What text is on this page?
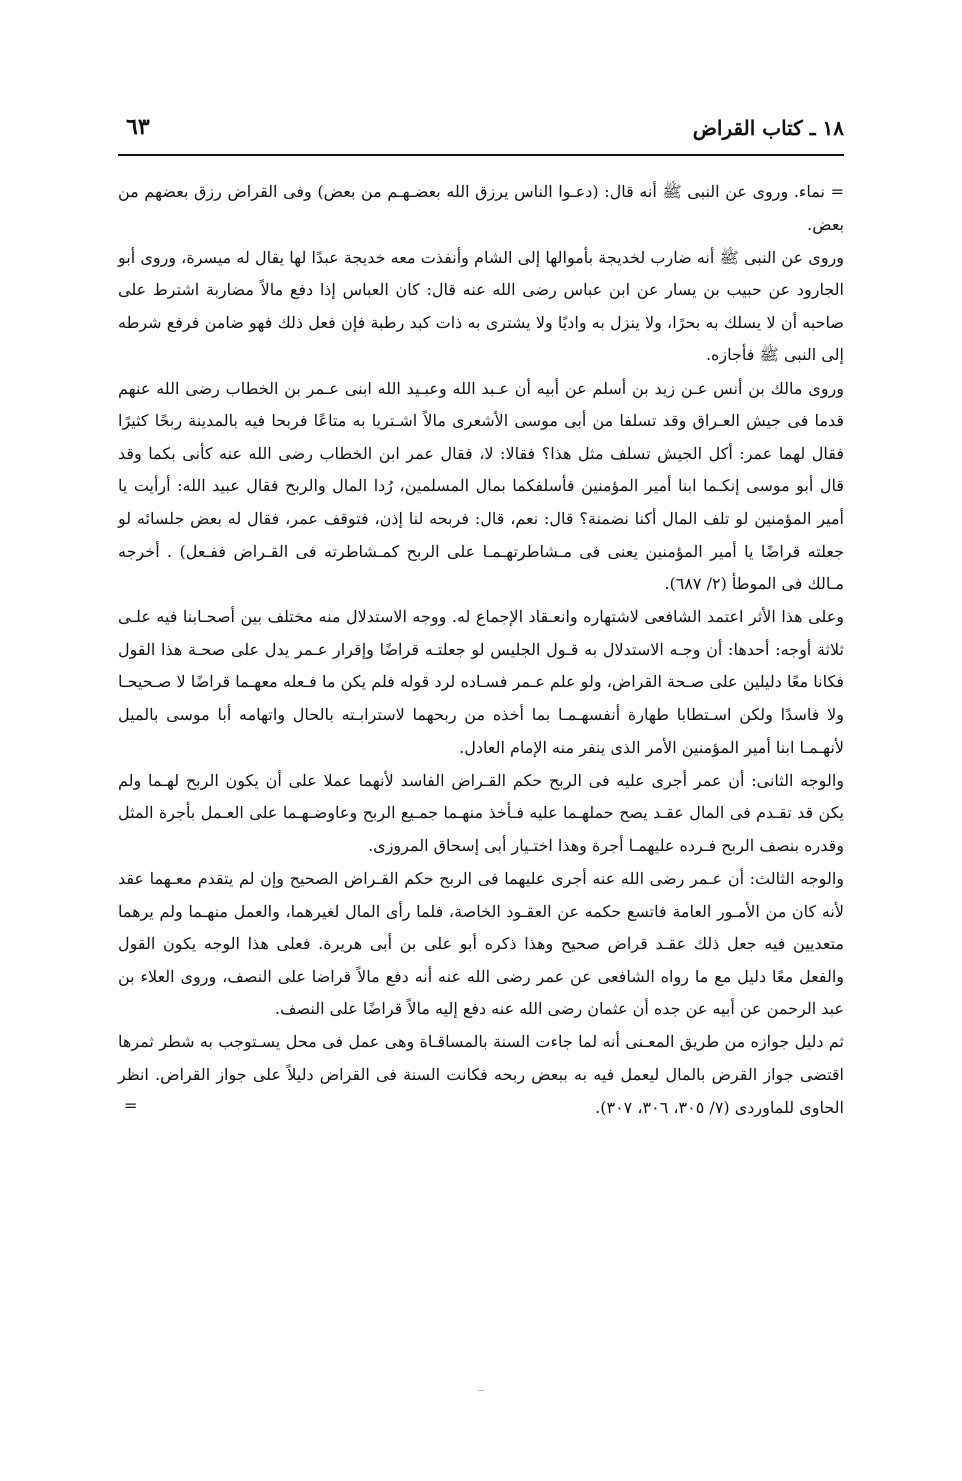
١٨ ـ كتاب القراض
٦٣

= نماء. وروى عن النبى ﷺ أنه قال: (دعـوا الناس يرزق الله بعضـهـم من بعض) وفى القراض رزق بعضهم من بعض.

وروى عن النبى ﷺ أنه ضارب لخديجة بأموالها إلى الشام وأنفذت معه خديجة عبدًا لها يقال له ميسرة، وروى أبو الجارود عن حبيب بن يسار عن ابن عباس رضى الله عنه قال: كان العباس إذا دفع مالاً مضاربة اشترط على صاحبه أن لا يسلك به بحرًا، ولا ينزل به واديًا ولا يشترى به ذات كبد رطبة فإن فعل ذلك فهو ضامن فرفع شرطه إلى النبى ﷺ فأجازه.

وروى مالك بن أنس عـن زيد بن أسلم عن أبيه أن عـبد الله وعبـيد الله ابنى عـمر بن الخطاب رضى الله عنهم قدما فى جيش العـراق وقد تسلفا من أبى موسى الأشعرى مالاً اشـتريا به متاعًا فربحا فيه بالمدينة ربحًا كثيرًا فقال لهما عمر: أكل الجيش تسلف مثل هذا؟ فقالا: لا، فقال عمر ابن الخطاب رضى الله عنه كأنى بكما وقد قال أبو موسى إنكـما ابنا أمير المؤمنين فأسلفكما بمال المسلمين، رُدا المال والربح فقال عبيد الله: أرأيت يا أمير المؤمنين لو تلف المال أكنا نضمنة؟ قال: نعم، قال: فربحه لنا إذن، فتوقف عمر، فقال له بعض جلسائه لو جعلته قراضًا يا أمير المؤمنين يعنى فى مـشاطرتهـمـا على الربح كمـشاطرته فى القـراض ففـعل) . أخرجه مـالك فى الموطأ (٢/ ٦٨٧).

وعلى هذا الأثر اعتمد الشافعى لاشتهاره وانعـقاد الإجماع له. ووجه الاستدلال منه مختلف بين أصحـابنا فيه علـى ثلاثة أوجه: أحدها: أن وجـه الاستدلال به قـول الجليس لو جعلتـه قراضًا وإقرار عـمر يدل على صحـة هذا القول فكانا معًا دليلين على صـحة القراض، ولو علم عـمر فسـاده لرد قوله فلم يكن ما فـعله معهـما قراضًا لا صـحيحـا ولا فاسدًا ولكن اسـتطابا طهارة أنفسهـمـا بما أخذه من ربحهما لاسترابـته بالحال واتهامه أبا موسى بالميل لأنهـمـا ابنا أمير المؤمنين الأمر الذى ينفر منه الإمام العادل.

والوجه الثانى: أن عمر أجرى عليه فى الربح حكم القـراض الفاسد لأنهما عملا على أن يكون الربح لهـما ولم يكن قد تقـدم فى المال عقـد يصح حملهـما عليه فـأخذ منهـما جمـيع الربح وعاوضـهـما على العـمل بأجرة المثل وقدره بنصف الربح فـرده عليهمـا أجرة وهذا اختـيار أبى إسحاق المروزى.

والوجه الثالث: أن عـمر رضى الله عنه أجرى عليهما فى الربح حكم القـراض الصحيح وإن لم يتقدم معـهما عقد لأنه كان من الأمـور العامة فاتسع حكمه عن العقـود الخاصة، فلما رأى المال لغيرهما، والعمل منهـما ولم يرهما متعديين فيه جعل ذلك عقـد قراض صحيح وهذا ذكره أبو على بن أبى هريرة. فعلى هذا الوجه يكون القول والفعل معًا دليل مع ما رواه الشافعى عن عمر رضى الله عنه أنه دفع مالاً قراضا على النصف، وروى العلاء بن عبد الرحمن عن أبيه عن جده أن عثمان رضى الله عنه دفع إليه مالاً قراضًا على النصف.

ثم دليل جوازه من طريق المعـنى أنه لما جاءت السنة بالمساقـاة وهى عمل فى محل يسـتوجب به شطر ثمرها اقتضى جواز القرض بالمال ليعمل فيه به ببعض ربحه فكانت السنة فى القراض دليلاً على جواز القراض. انظر الحاوى للماوردى (٧/ ٣٠٥، ٣٠٦، ٣٠٧).
=
